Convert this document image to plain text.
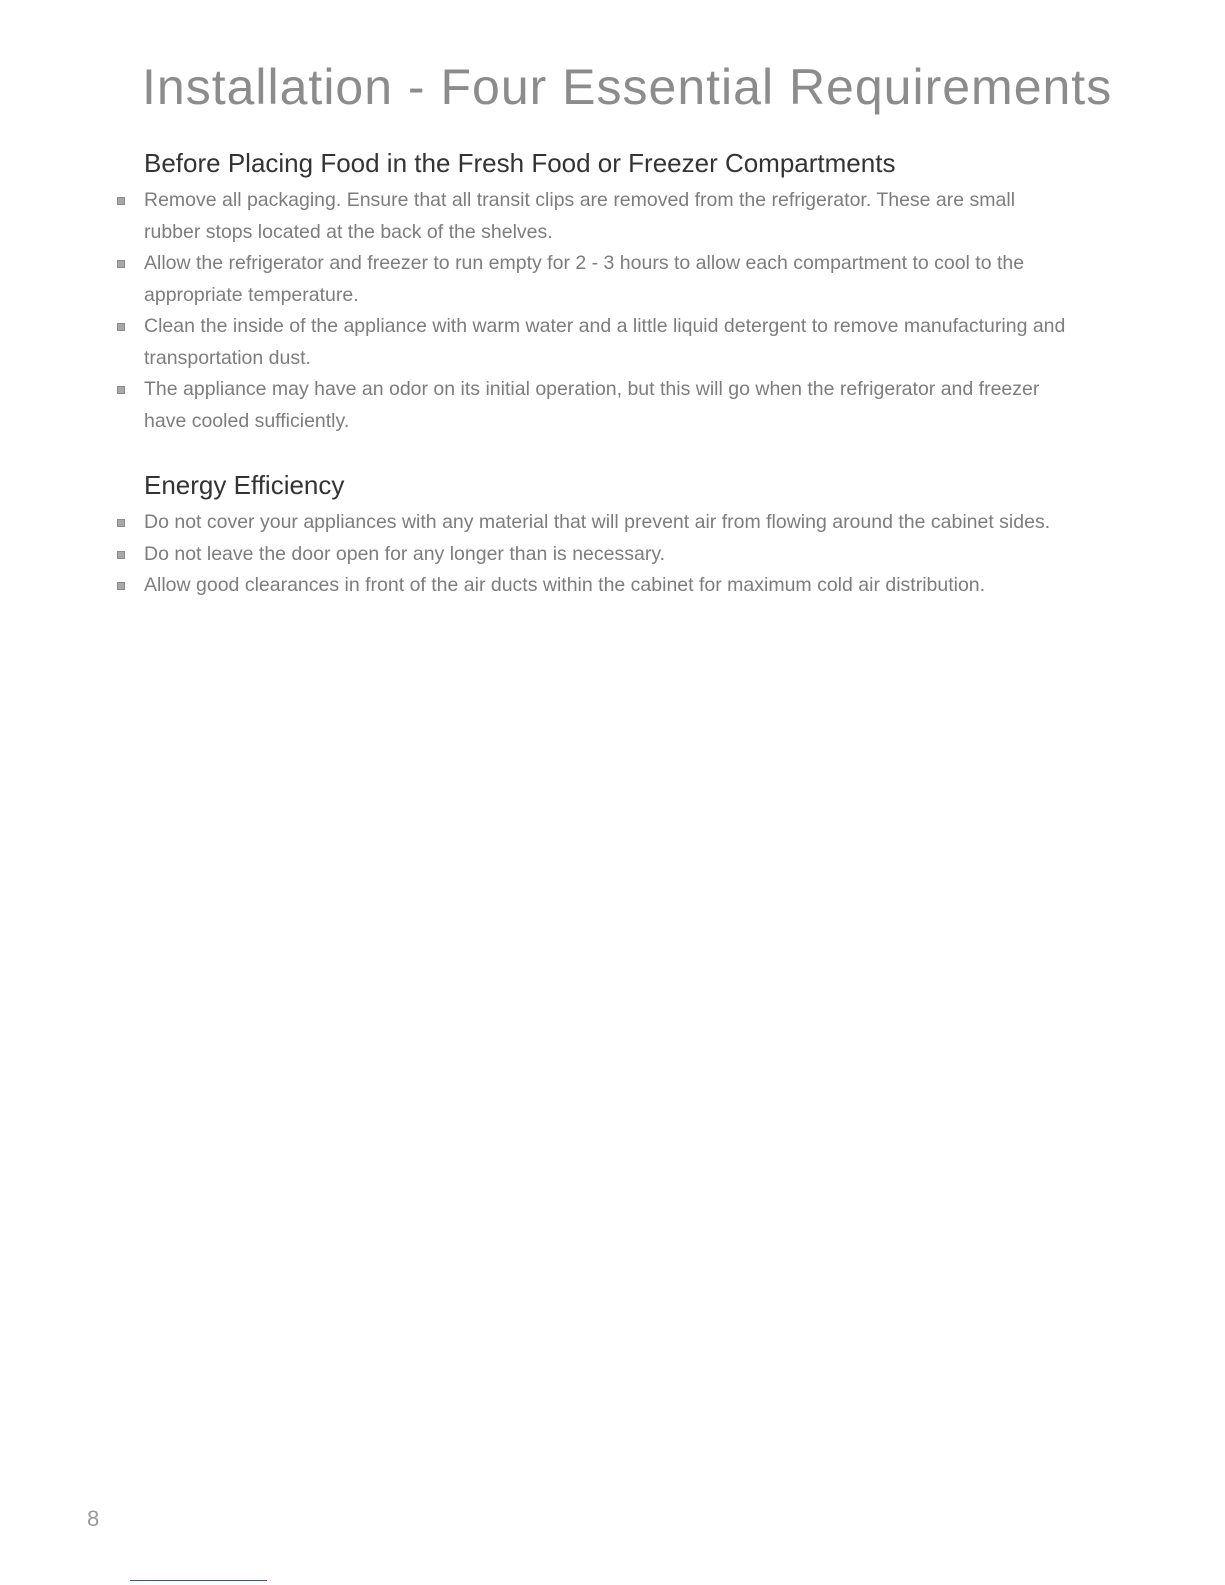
Installation - Four Essential Requirements
Before Placing Food in the Fresh Food or Freezer Compartments
Remove all packaging. Ensure that all transit clips are removed from the refrigerator. These are small rubber stops located at the back of the shelves.
Allow the refrigerator and freezer to run empty for 2 - 3 hours to allow each compartment to cool to the appropriate temperature.
Clean the inside of the appliance with warm water and a little liquid detergent to remove manufacturing and transportation dust.
The appliance may have an odor on its initial operation, but this will go when the refrigerator and freezer have cooled sufficiently.
Energy Efficiency
Do not cover your appliances with any material that will prevent air from flowing around the cabinet sides.
Do not leave the door open for any longer than is necessary.
Allow good clearances in front of the air ducts within the cabinet for maximum cold air distribution.
8
